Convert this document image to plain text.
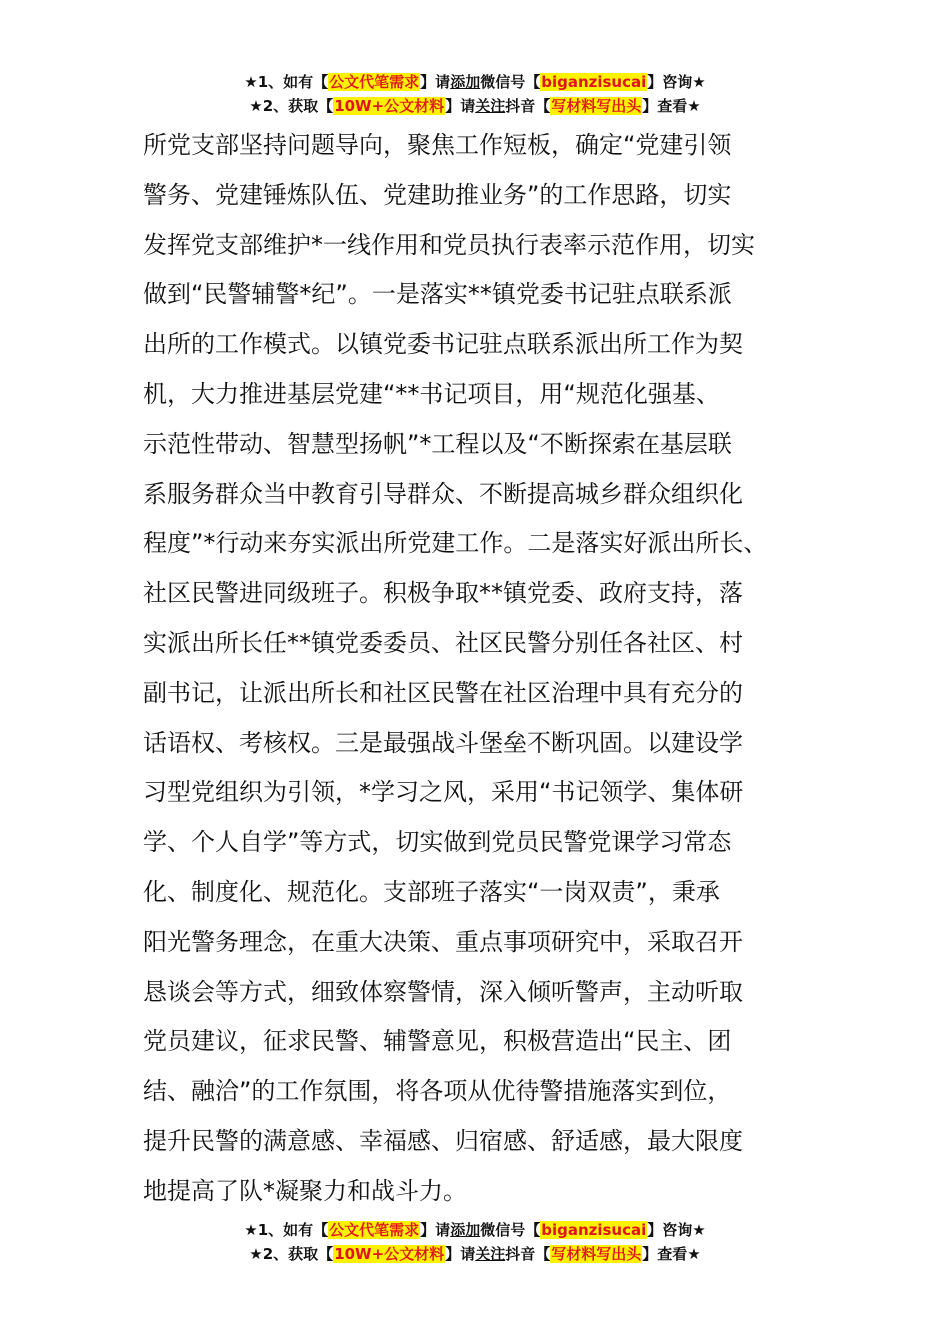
★1、如有【公文代笔需求】请添加微信号【biganzisucai】咨询★
★2、获取【10W+公文材料】请关注抖音【写材料写出头】查看★
所党支部坚持问题导向，聚焦工作短板，确定“党建引领
警务、党建锤炼队伍、党建助推业务”的工作思路，切实
发挥党支部维护*一线作用和党员执行表率示范作用，切实
做到“民警辅警*纪”。一是落实**镇党委书记驻点联系派
出所的工作模式。以镇党委书记驻点联系派出所工作为契
机，大力推进基层党建“**书记项目，用“规范化强基、
示范性带动、智慧型扬帆”*工程以及“不断探索在基层联
系服务群众当中教育引导群众、不断提高城乡群众组织化
程度”*行动来夯实派出所党建工作。二是落实好派出所长、
社区民警进同级班子。积极争取**镇党委、政府支持，落
实派出所长任**镇党委委员、社区民警分别任各社区、村
副书记，让派出所长和社区民警在社区治理中具有充分的
话语权、考核权。三是最强战斗堡垒不断巩固。以建设学
习型党组织为引领，*学习之风，采用“书记领学、集体研
学、个人自学”等方式，切实做到党员民警党课学习常态
化、制度化、规范化。支部班子落实“一岗双责”，秉承
阳光警务理念，在重大决策、重点事项研究中，采取召开
恳谈会等方式，细致体察警情，深入倾听警声，主动听取
党员建议，征求民警、辅警意见，积极营造出“民主、团
结、融洽”的工作氛围，将各项从优待警措施落实到位，
提升民警的满意感、幸福感、归宿感、舒适感，最大限度
地提高了队*凝聚力和战斗力。
★1、如有【公文代笔需求】请添加微信号【biganzisucai】咨询★
★2、获取【10W+公文材料】请关注抖音【写材料写出头】查看★
